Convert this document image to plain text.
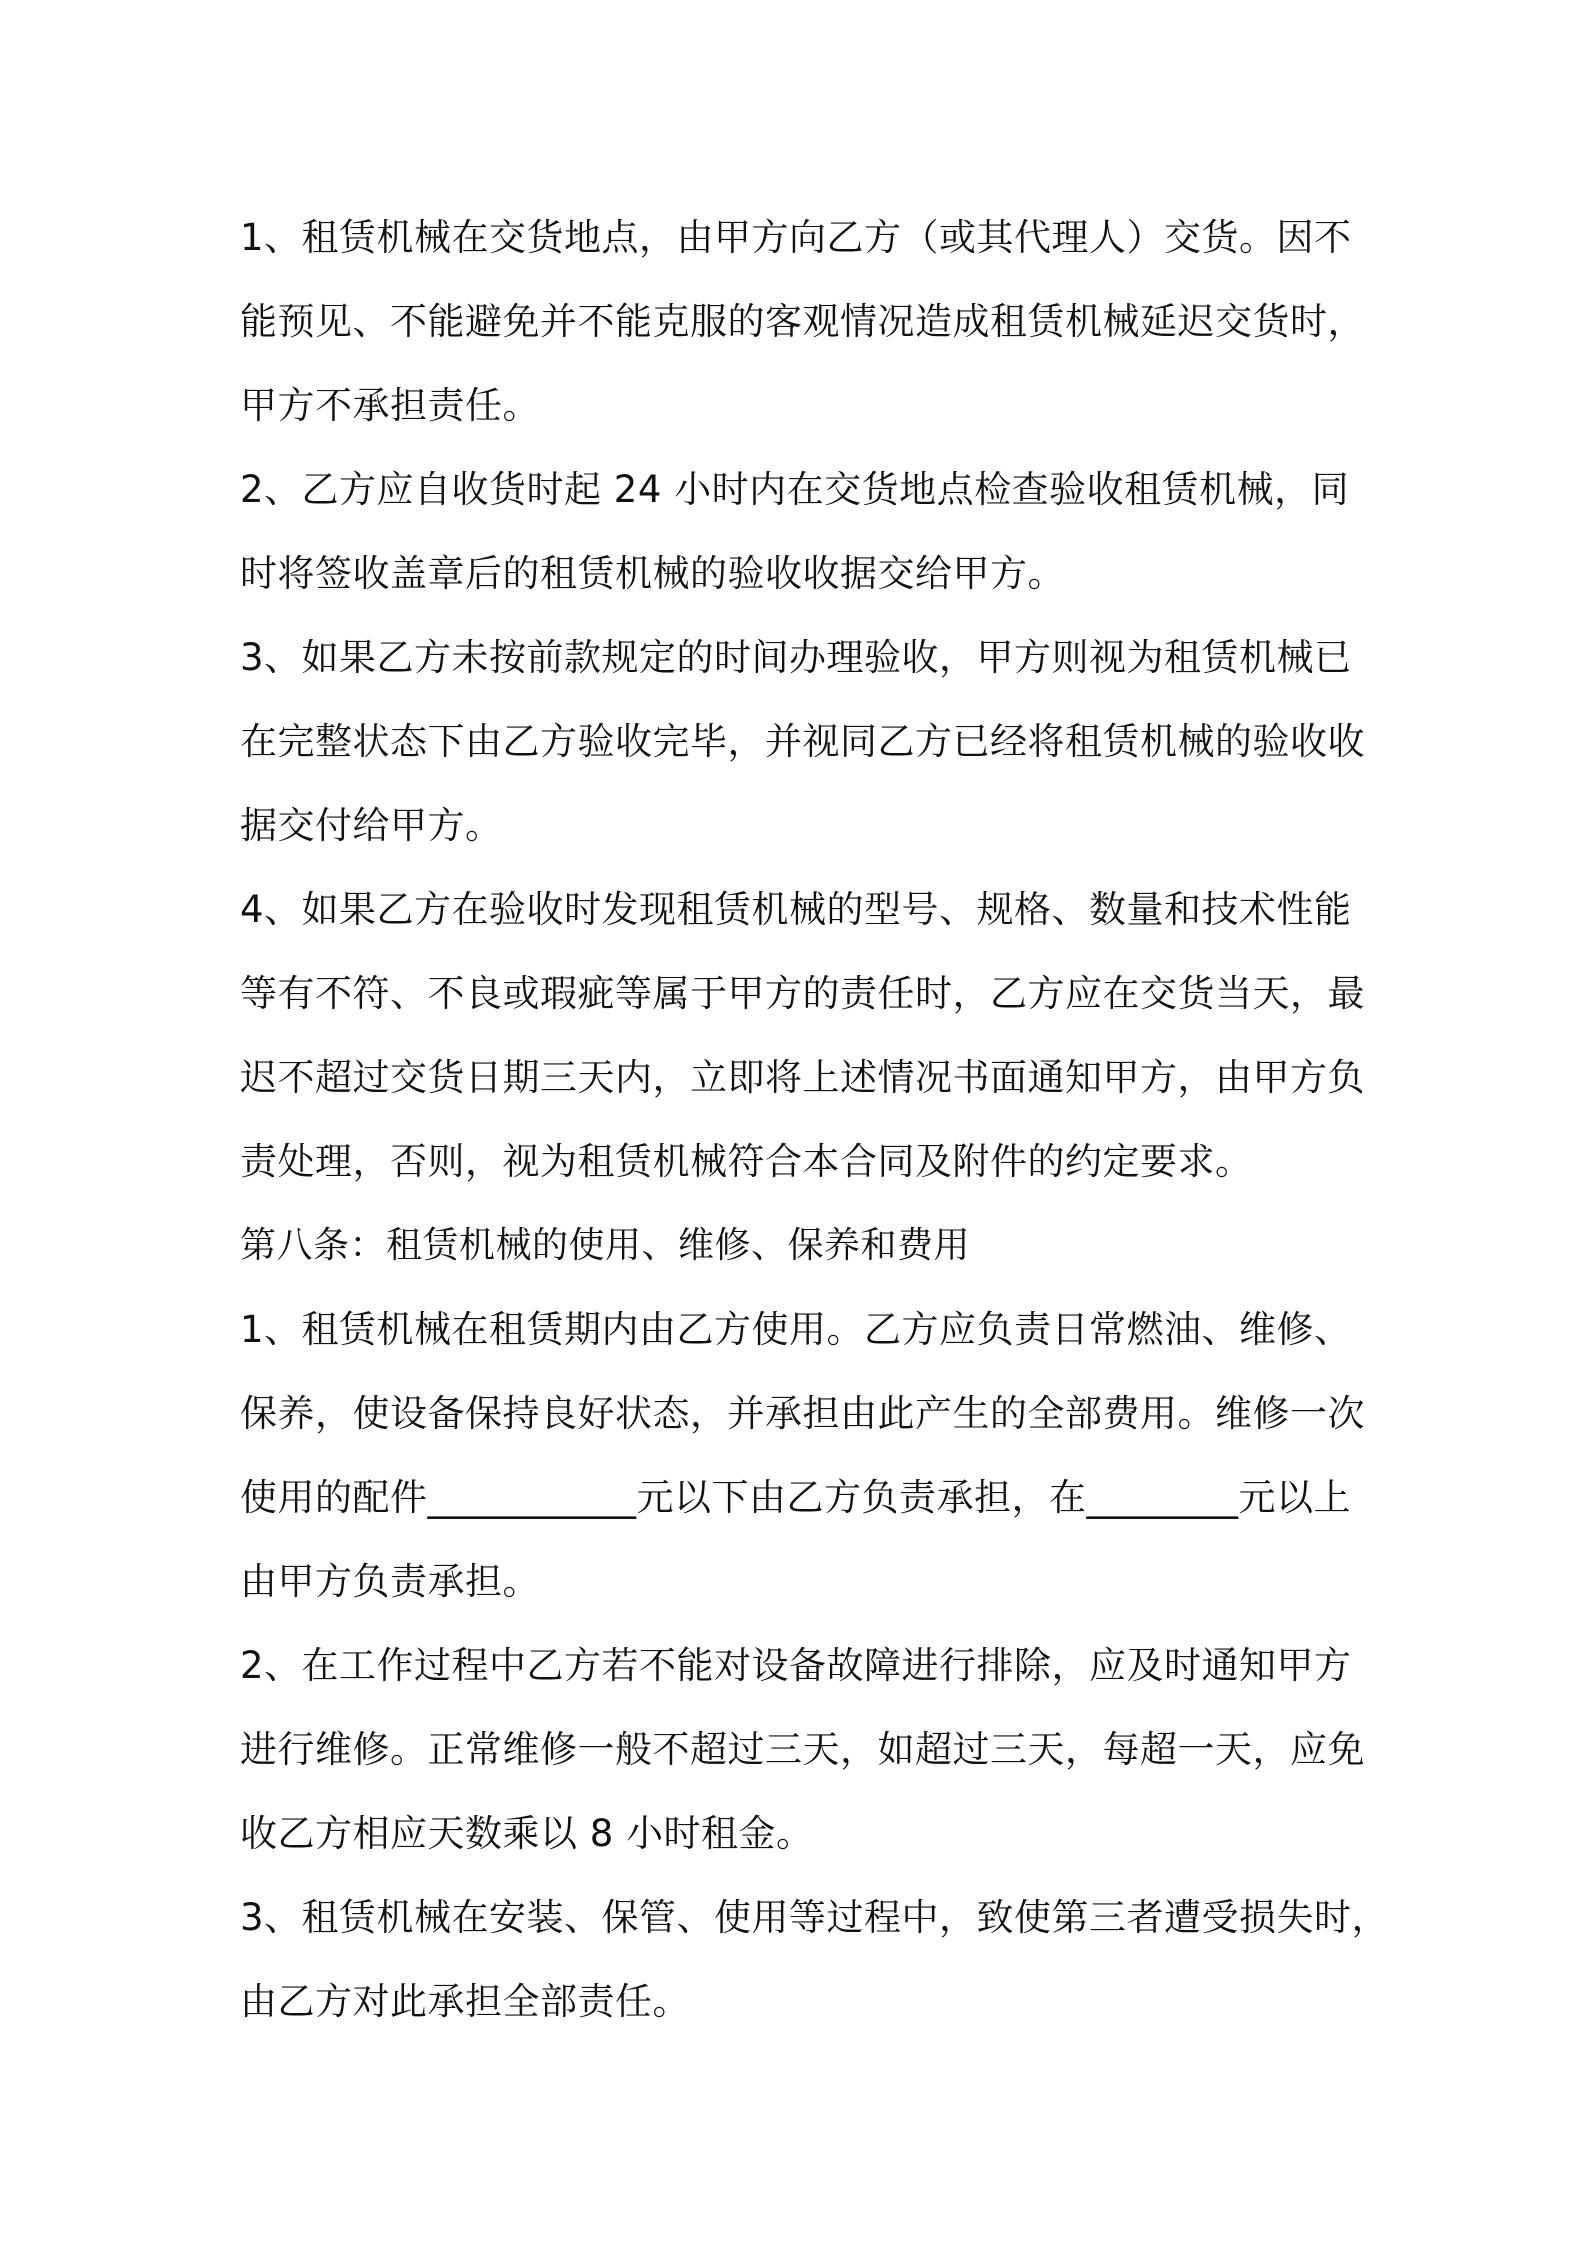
1、租赁机械在交货地点，由甲方向乙方（或其代理人）交货。因不
能预见、不能避免并不能克服的客观情况造成租赁机械延迟交货时，
甲方不承担责任。
2、乙方应自收货时起 24 小时内在交货地点检查验收租赁机械，同
时将签收盖章后的租赁机械的验收收据交给甲方。
3、如果乙方未按前款规定的时间办理验收，甲方则视为租赁机械已
在完整状态下由乙方验收完毕，并视同乙方已经将租赁机械的验收收
据交付给甲方。
4、如果乙方在验收时发现租赁机械的型号、规格、数量和技术性能
等有不符、不良或瑕疵等属于甲方的责任时，乙方应在交货当天，最
迟不超过交货日期三天内，立即将上述情况书面通知甲方，由甲方负
责处理，否则，视为租赁机械符合本合同及附件的约定要求。
第八条：租赁机械的使用、维修、保养和费用
1、租赁机械在租赁期内由乙方使用。乙方应负责日常燃油、维修、
保养，使设备保持良好状态，并承担由此产生的全部费用。维修一次
使用的配件___________元以下由乙方负责承担，在________元以上
由甲方负责承担。
2、在工作过程中乙方若不能对设备故障进行排除，应及时通知甲方
进行维修。正常维修一般不超过三天，如超过三天，每超一天，应免
收乙方相应天数乘以 8 小时租金。
3、租赁机械在安装、保管、使用等过程中，致使第三者遭受损失时，
由乙方对此承担全部责任。
